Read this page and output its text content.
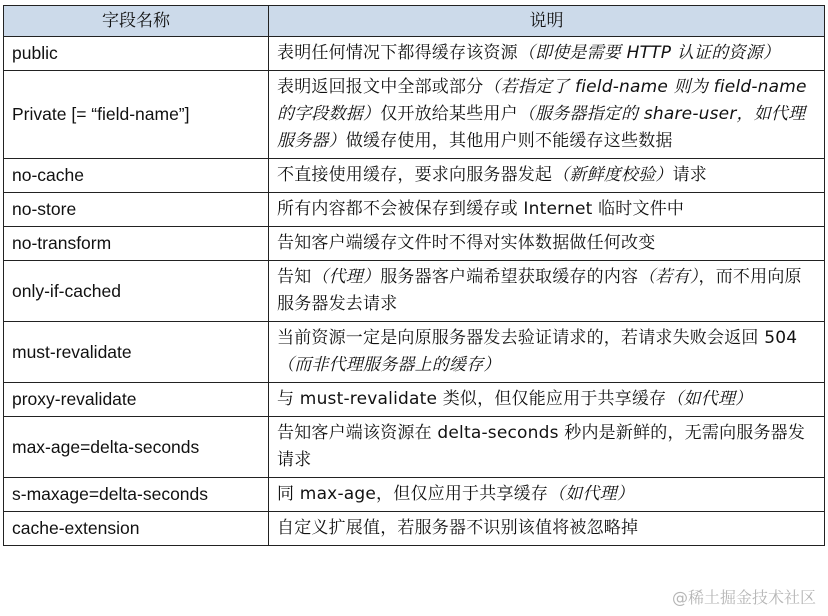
字段名称	说明
public	表明任何情况下都得缓存该资源（即使是需要 HTTP 认证的资源）
Private [= “field-name”]	表明返回报文中全部或部分（若指定了 field-name 则为 field-name 的字段数据）仅开放给某些用户（服务器指定的 share-user，如代理服务器）做缓存使用，其他用户则不能缓存这些数据
no-cache	不直接使用缓存，要求向服务器发起（新鲜度校验）请求
no-store	所有内容都不会被保存到缓存或 Internet 临时文件中
no-transform	告知客户端缓存文件时不得对实体数据做任何改变
only-if-cached	告知（代理）服务器客户端希望获取缓存的内容（若有），而不用向原服务器发去请求
must-revalidate	当前资源一定是向原服务器发去验证请求的，若请求失败会返回 504（而非代理服务器上的缓存）
proxy-revalidate	与 must-revalidate 类似，但仅能应用于共享缓存（如代理）
max-age=delta-seconds	告知客户端该资源在 delta-seconds 秒内是新鲜的，无需向服务器发请求
s-maxage=delta-seconds	同 max-age，但仅应用于共享缓存（如代理）
cache-extension	自定义扩展值，若服务器不识别该值将被忽略掉
@稀土掘金技术社区
